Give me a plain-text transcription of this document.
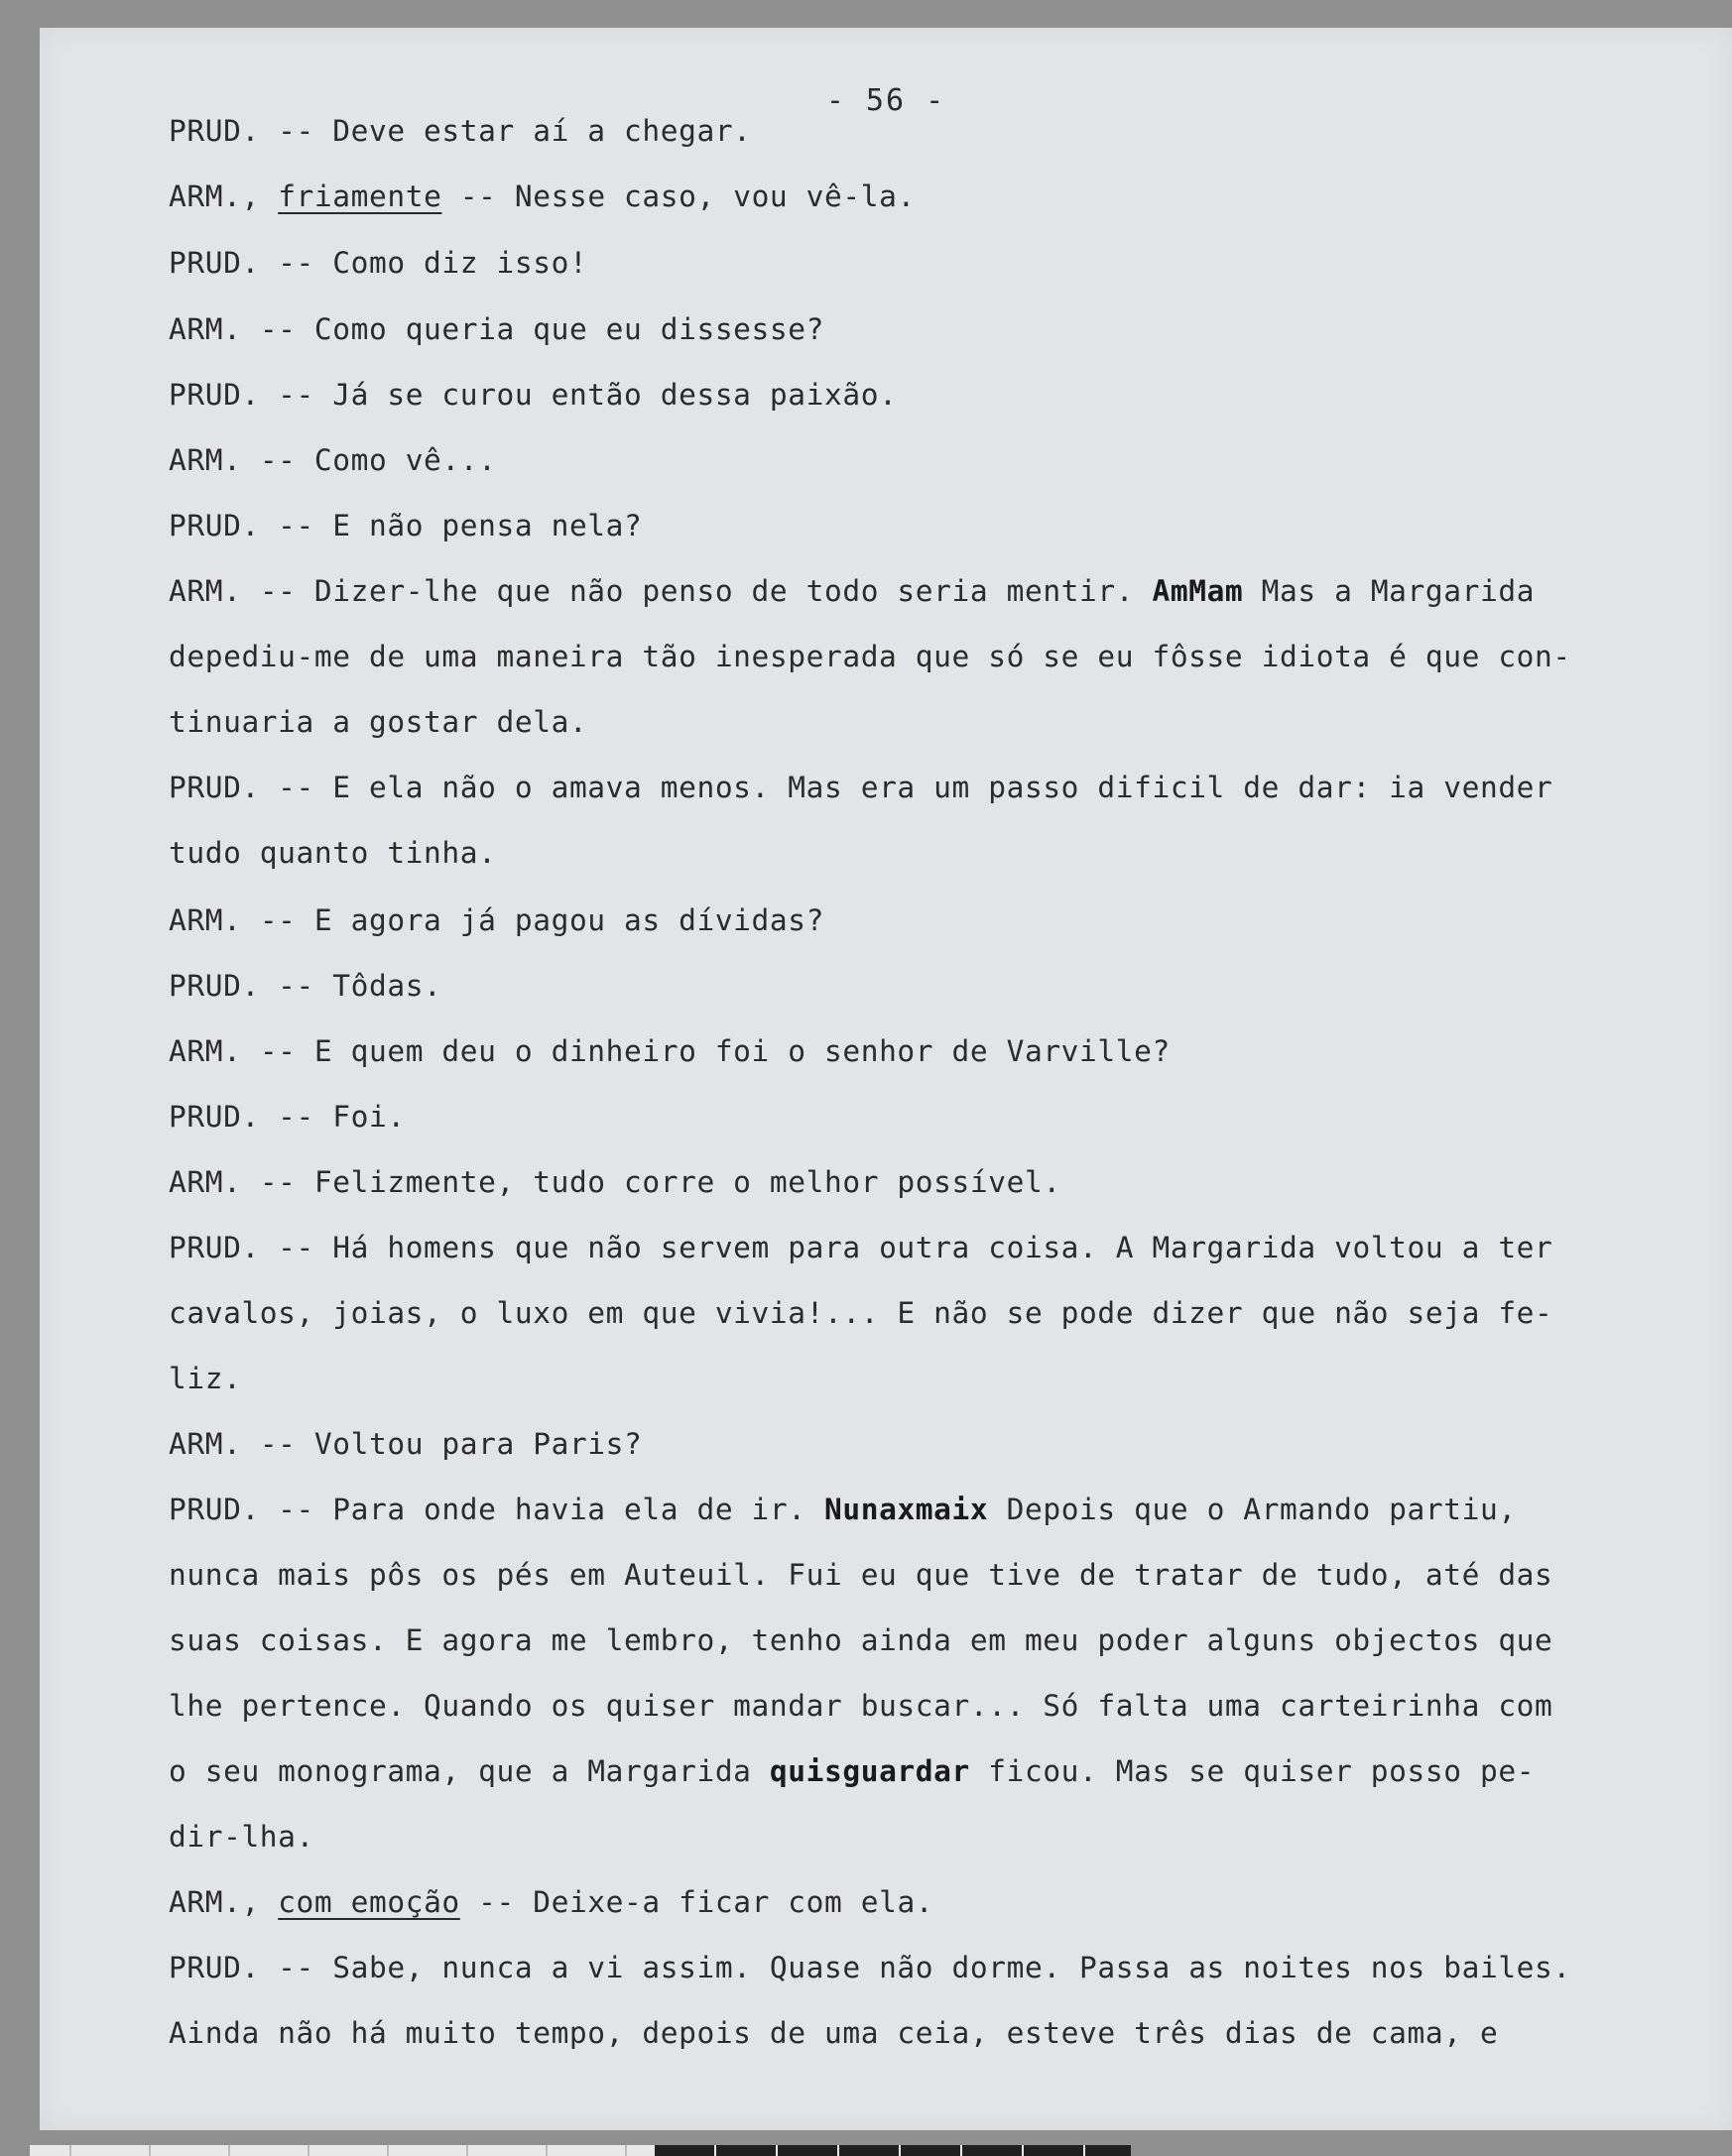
- 56 -
PRUD. -- Deve estar aí a chegar.
ARM., friamente -- Nesse caso, vou vê-la.
PRUD. -- Como diz isso!
ARM. -- Como queria que eu dissesse?
PRUD. -- Já se curou então dessa paixão.
ARM. -- Como vê...
PRUD. -- E não pensa nela?
ARM. -- Dizer-lhe que não penso de todo seria mentir. AmMam Mas a Margarida
depediu-me de uma maneira tão inesperada que só se eu fôsse idiota é que con-
tinuaria a gostar dela.
PRUD. -- E ela não o amava menos. Mas era um passo dificil de dar: ia vender
tudo quanto tinha.
ARM. -- E agora já pagou as dívidas?
PRUD. -- Tôdas.
ARM. -- E quem deu o dinheiro foi o senhor de Varville?
PRUD. -- Foi.
ARM. -- Felizmente, tudo corre o melhor possível.
PRUD. -- Há homens que não servem para outra coisa. A Margarida voltou a ter
cavalos, joias, o luxo em que vivia!... E não se pode dizer que não seja fe-
liz.
ARM. -- Voltou para Paris?
PRUD. -- Para onde havia ela de ir. Nunaxmaix Depois que o Armando partiu,
nunca mais pôs os pés em Auteuil. Fui eu que tive de tratar de tudo, até das
suas coisas. E agora me lembro, tenho ainda em meu poder alguns objectos que
lhe pertence. Quando os quiser mandar buscar... Só falta uma carteirinha com
o seu monograma, que a Margarida quisguardar ficou. Mas se quiser posso pe-
dir-lha.
ARM., com emoção -- Deixe-a ficar com ela.
PRUD. -- Sabe, nunca a vi assim. Quase não dorme. Passa as noites nos bailes.
Ainda não há muito tempo, depois de uma ceia, esteve três dias de cama, e
